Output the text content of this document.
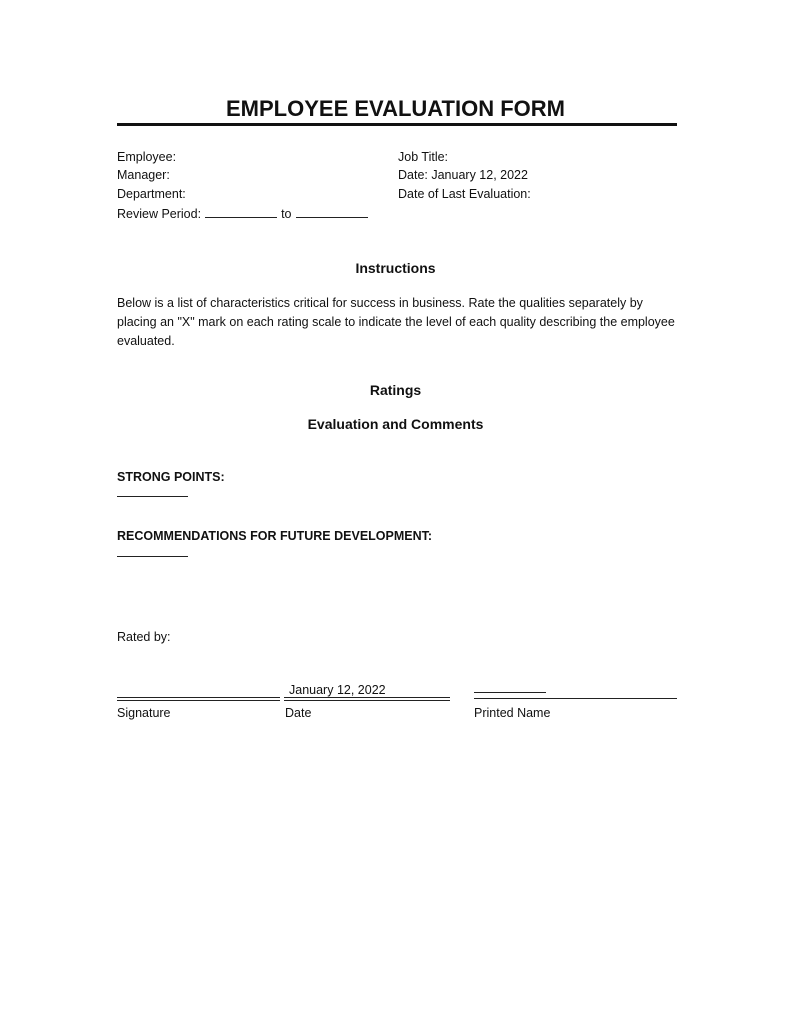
EMPLOYEE EVALUATION FORM
Employee:
Manager:
Department:
Review Period:	to
Job Title:
Date: January 12, 2022
Date of Last Evaluation:
Instructions
Below is a list of characteristics critical for success in business. Rate the qualities separately by placing an "X" mark on each rating scale to indicate the level of each quality describing the employee evaluated.
Ratings
Evaluation and Comments
STRONG POINTS:
RECOMMENDATIONS FOR FUTURE DEVELOPMENT:
Rated by:
January 12, 2022
Signature	Date	Printed Name
